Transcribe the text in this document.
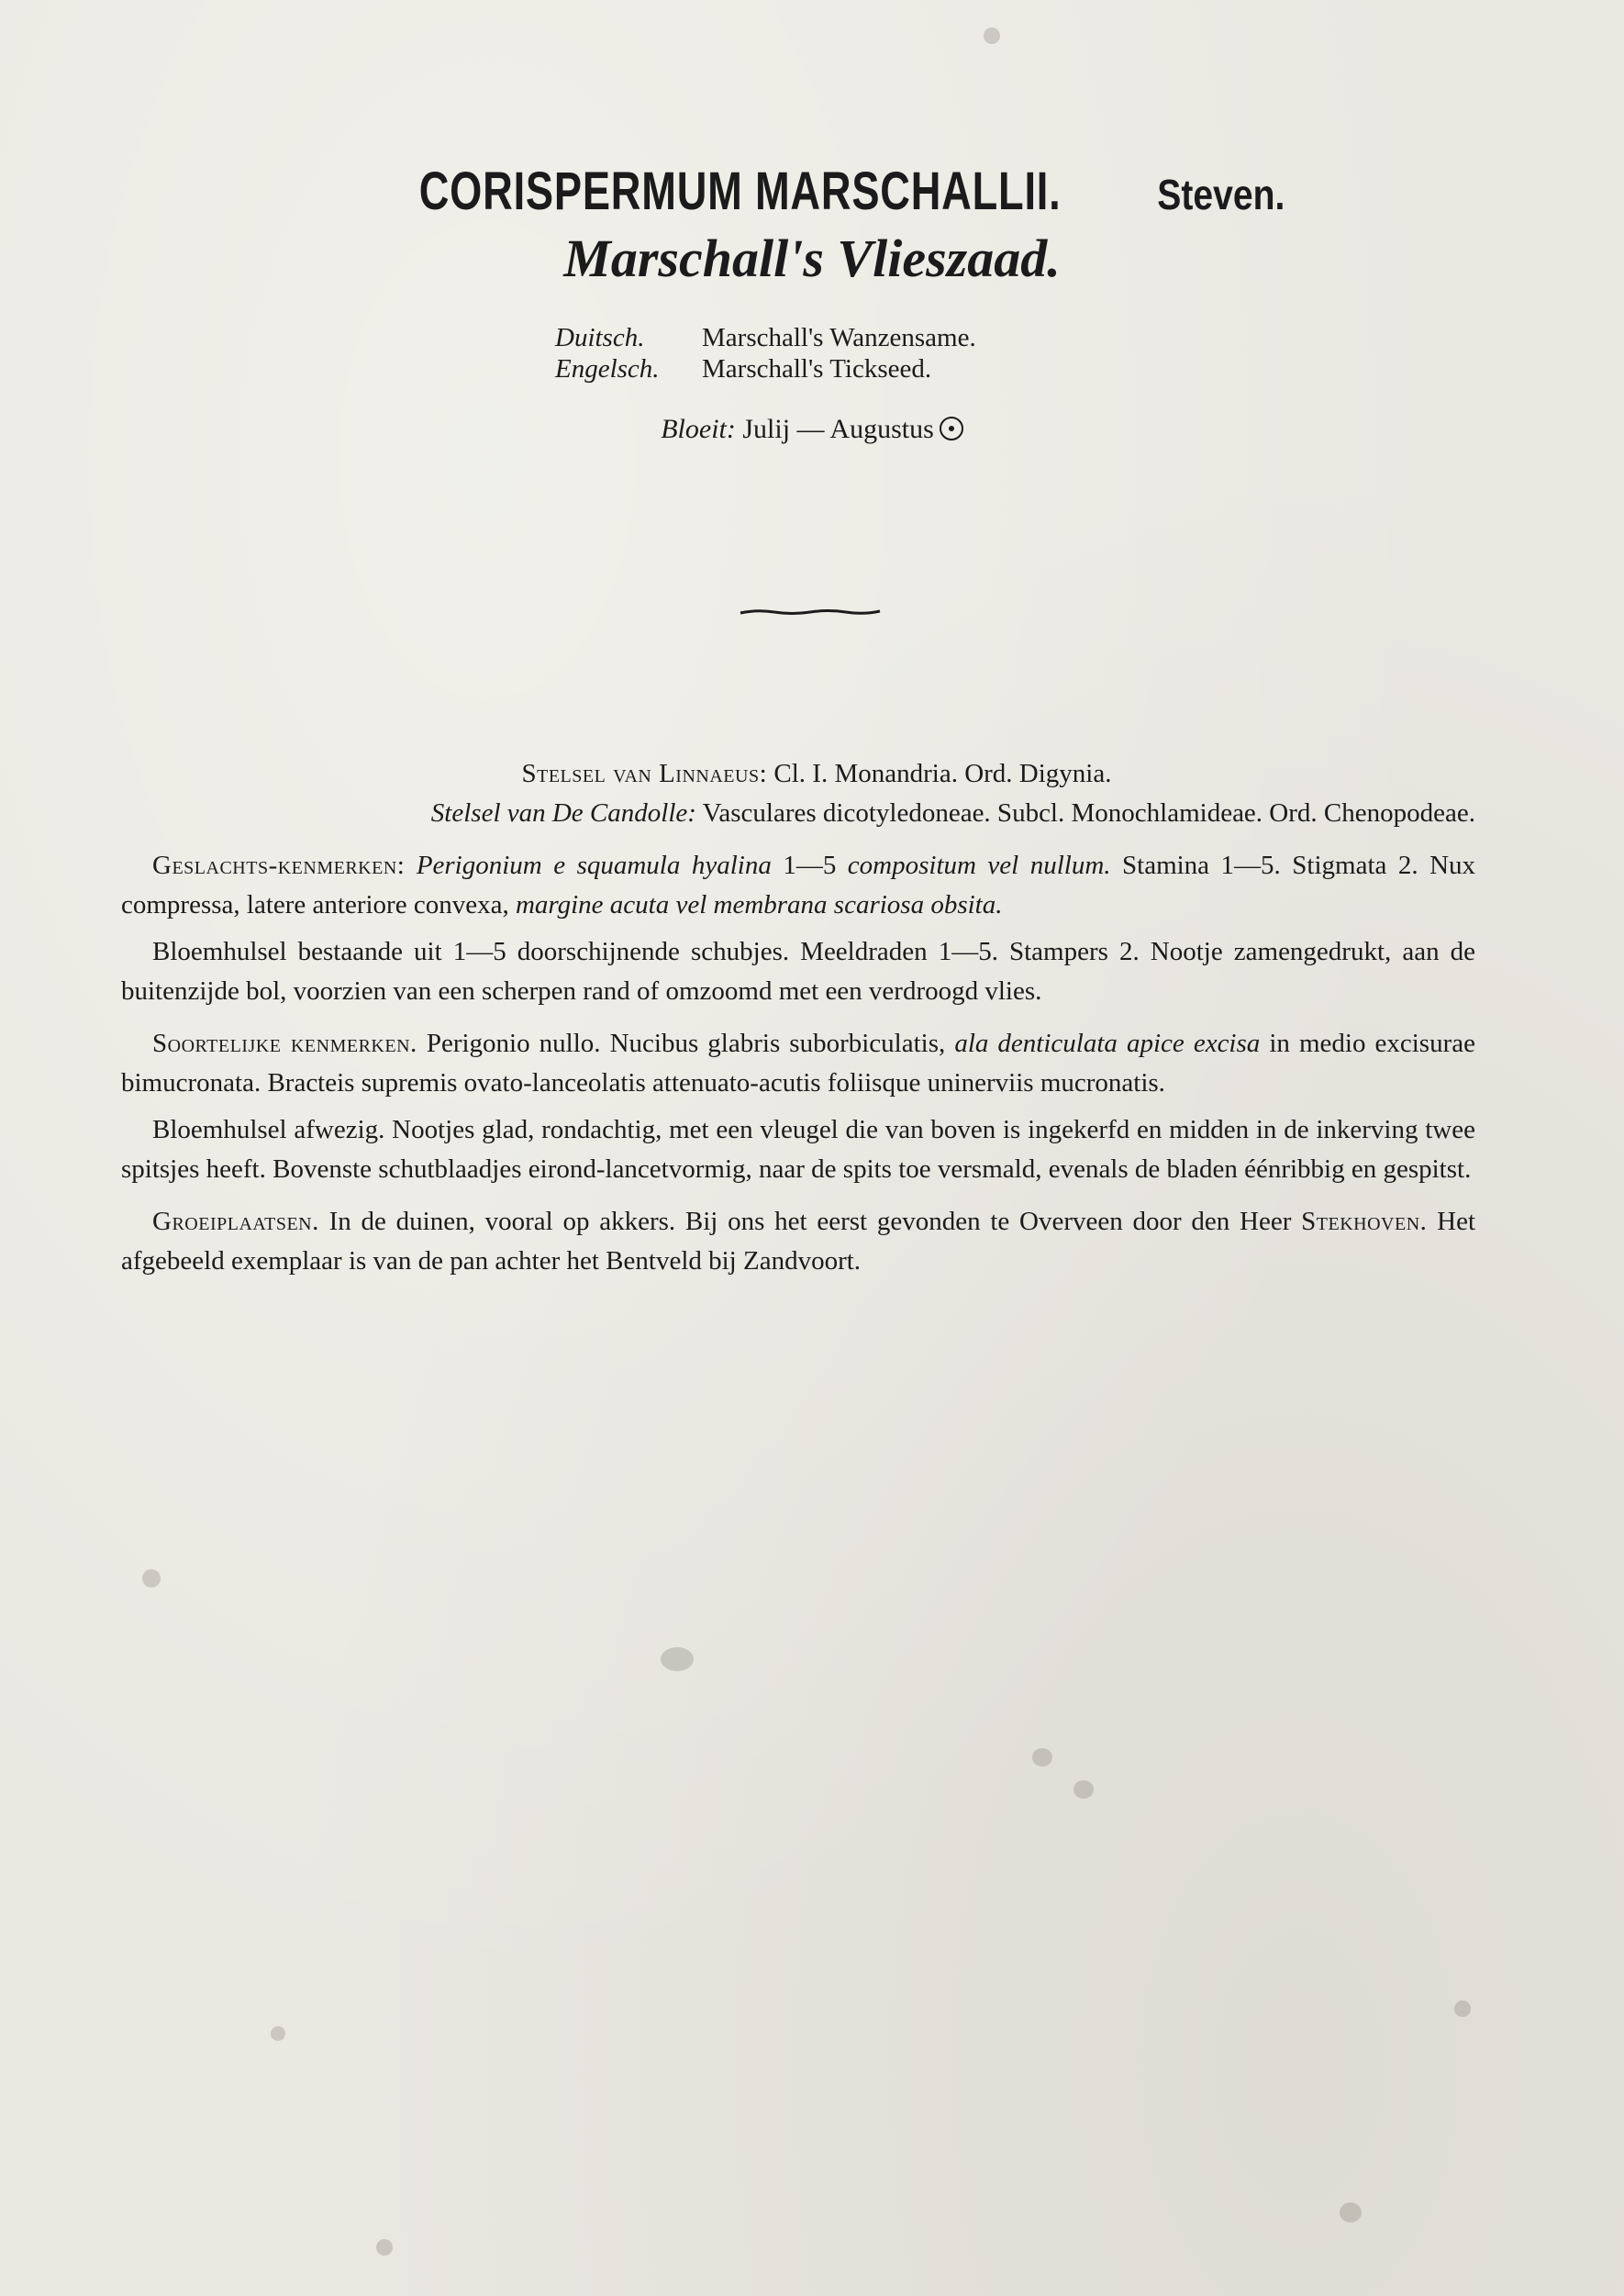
CORISPERMUM MARSCHALLII. Steven.
Marschall's Vlieszaad.
Duitsch. Marschall's Wanzensame.
Engelsch. Marschall's Tickseed.
Bloeit: Julij — Augustus
Stelsel van Linnaeus: Cl. I. Monandria. Ord. Digynia.
Stelsel van De Candolle: Vasculares dicotyledoneae. Subcl. Monochlamideae. Ord. Chenopodeae.

Geslachts-kenmerken: Perigonium e squamula hyalina 1—5 compositum vel nullum. Stamina 1—5. Stigmata 2. Nux compressa, latere anteriore convexa, margine acuta vel membrana scariosa obsita.

Bloemhulsel bestaande uit 1—5 doorschijnende schubjes. Meeldraden 1—5. Stampers 2. Nootje zamengedrukt, aan de buitenzijde bol, voorzien van een scherpen rand of omzoomd met een verdroogd vlies.

Soortelijke kenmerken. Perigonio nullo. Nucibus glabris suborbiculatis, ala denticulata apice excisa in medio excisurae bimucronata. Bracteis supremis ovato-lanceolatis attenuato-acutis foliisque uninerviis mucronatis.

Bloemhulsel afwezig. Nootjes glad, rondachtig, met een vleugel die van boven is ingekerfd en midden in de inkerving twee spitsjes heeft. Bovenste schutblaadjes eirond-lancetvormig, naar de spits toe versmald, evenals de bladen éénribbig en gespitst.

Groeiplaatsen. In de duinen, vooral op akkers. Bij ons het eerst gevonden te Overveen door den Heer Stekhoven. Het afgebeeld exemplaar is van de pan achter het Bentveld bij Zandvoort.
